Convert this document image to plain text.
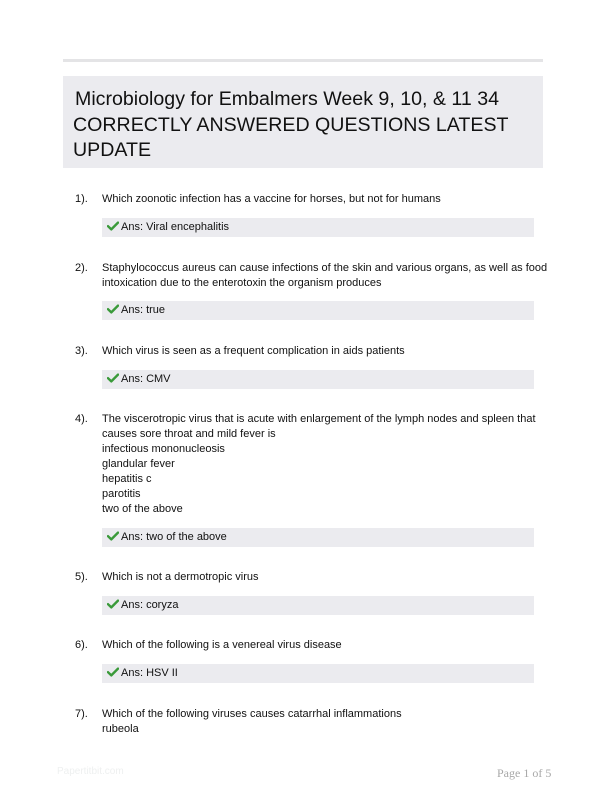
Microbiology for Embalmers Week 9, 10, & 11 34

CORRECTLY ANSWERED QUESTIONS LATEST

UPDATE

1). Which zoonotic infection has a vaccine for horses, but not for humans
Ans: Viral encephalitis
2). Staphylococcus aureus can cause infections of the skin and various organs, as well as food
intoxication due to the enterotoxin the organism produces
Ans: true
3). Which virus is seen as a frequent complication in aids patients
Ans: CMV
4). The viscerotropic virus that is acute with enlargement of the lymph nodes and spleen that
causes sore throat and mild fever is
infectious mononucleosis
glandular fever
hepatitis c
parotitis
two of the above
Ans: two of the above
5). Which is not a dermotropic virus
Ans: coryza
6). Which of the following is a venereal virus disease
Ans: HSV II
7). Which of the following viruses causes catarrhal inflammations
rubeola
Papertitbit.com	Page 1 of 5
